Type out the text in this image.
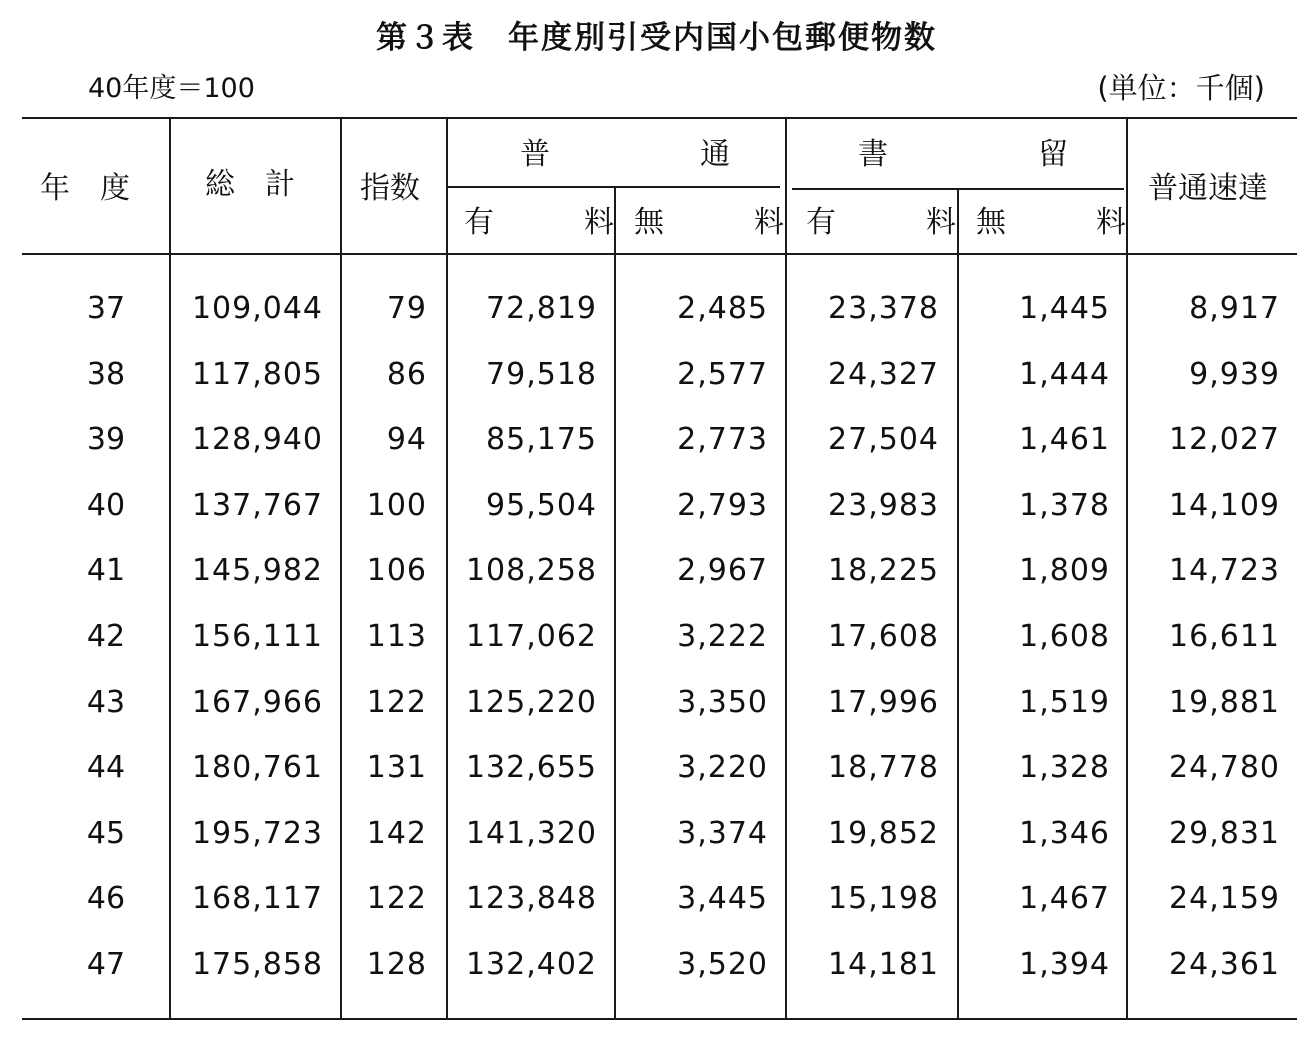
第３表　年度別引受内国小包郵便物数
40年度＝100	(単位：千個)
年　度	総　計 指数
普　　　　　通	書　　　　　留
有　　　料 無　　　料 有　　　料 無　　　料
普通速達
37	109,044 79 72,819	2,485 23,378	1,445	8,917
38	117,805 86 79,518	2,577 24,327	1,444	9,939
39	128,940 94 85,175	2,773 27,504	1,461 12,027
40	137,767 100 95,504	2,793 23,983	1,378 14,109
41	145,982 106 108,258	2,967 18,225	1,809 14,723
42	156,111 113 117,062	3,222 17,608	1,608 16,611
43	167,966 122 125,220	3,350 17,996	1,519 19,881
44	180,761 131 132,655	3,220 18,778	1,328 24,780
45	195,723 142 141,320	3,374 19,852	1,346 29,831
46	168,117 122 123,848	3,445 15,198	1,467 24,159
47	175,858 128 132,402	3,520 14,181	1,394 24,361
